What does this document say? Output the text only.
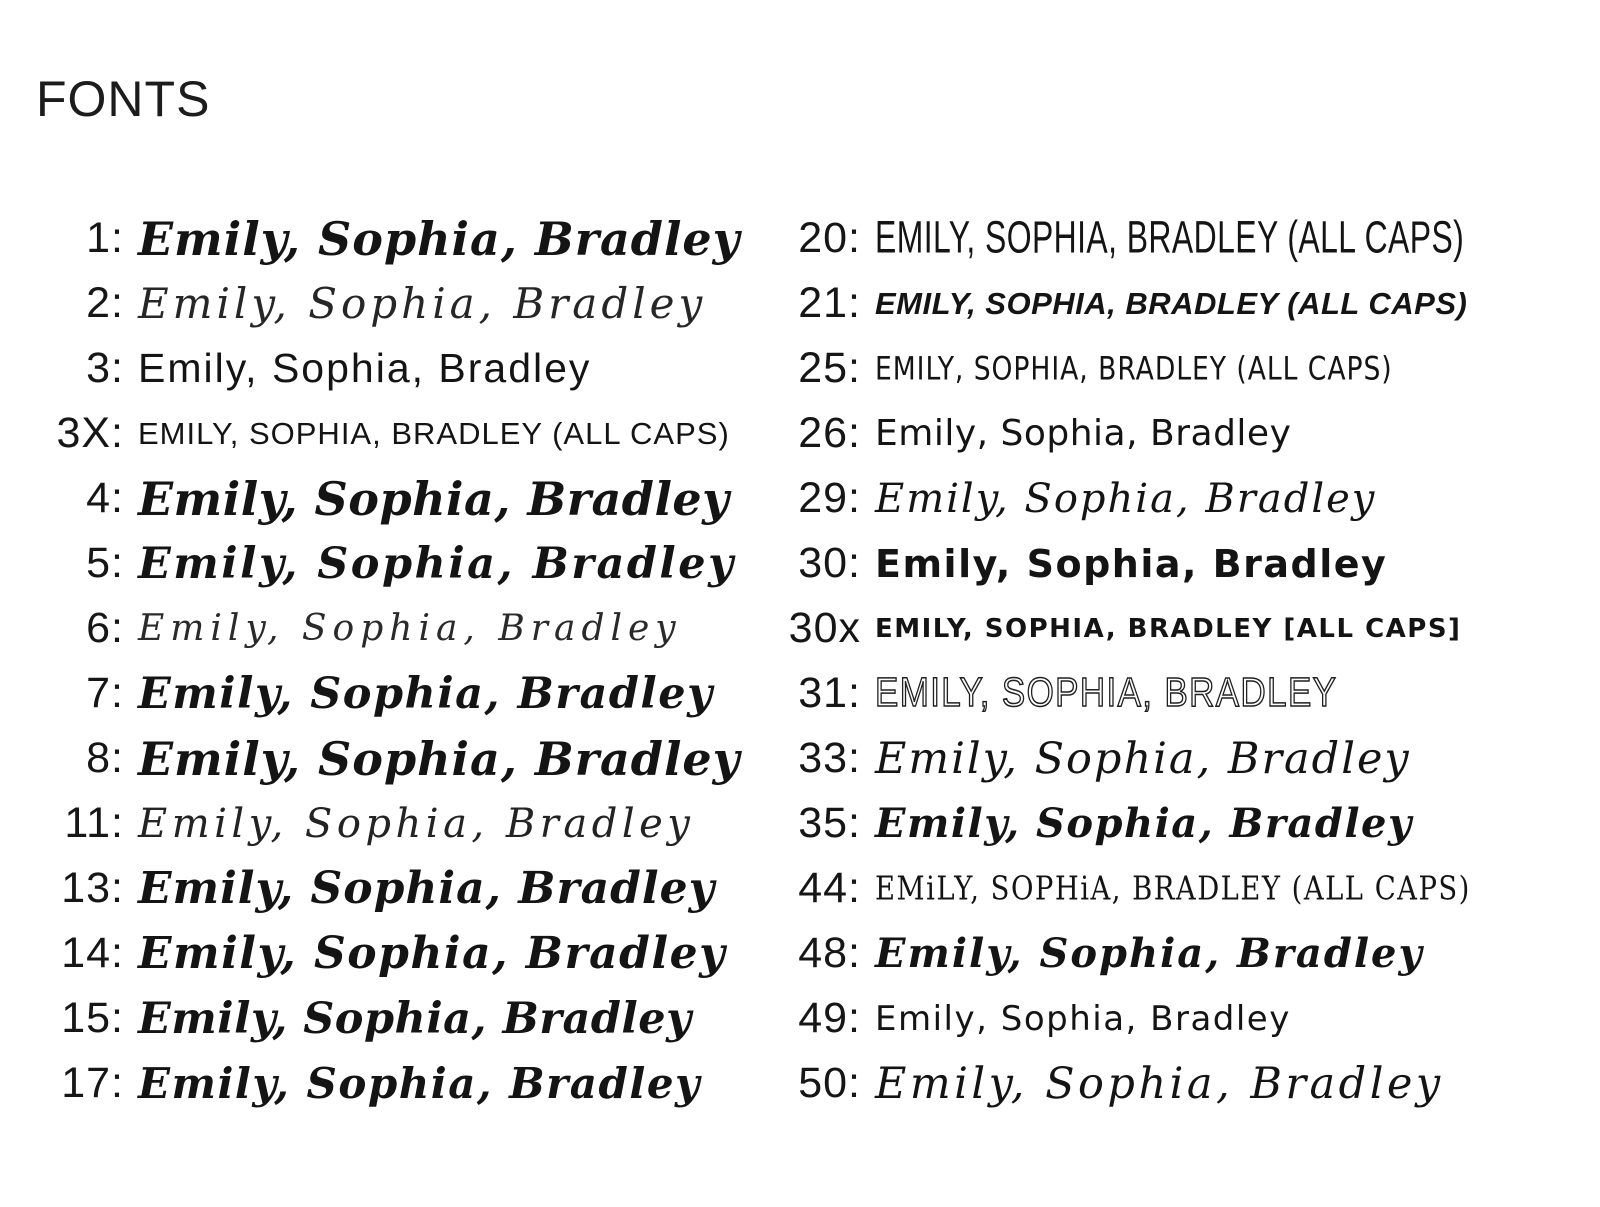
FONTS
1: Emily, Sophia, Bradley
2: Emily, Sophia, Bradley
3: Emily, Sophia, Bradley
3X: EMILY, SOPHIA, BRADLEY (ALL CAPS)
4: Emily, Sophia, Bradley
5: Emily, Sophia, Bradley
6: Emily, Sophia, Bradley
7: Emily, Sophia, Bradley
8: Emily, Sophia, Bradley
11: Emily, Sophia, Bradley
13: Emily, Sophia, Bradley
14: Emily, Sophia, Bradley
15: Emily, Sophia, Bradley
17: Emily, Sophia, Bradley
20: EMILY, SOPHIA, BRADLEY (ALL CAPS)
21: EMILY, SOPHIA, BRADLEY (ALL CAPS)
25: EMILY, SOPHIA, BRADLEY (ALL CAPS)
26: Emily, Sophia, Bradley
29: Emily, Sophia, Bradley
30: Emily, Sophia, Bradley
30x EMILY, SOPHIA, BRADLEY [ALL CAPS]
31: EMILY, SOPHIA, BRADLEY
33: Emily, Sophia, Bradley
35: Emily, Sophia, Bradley
44: EMiLY, SOPHiA, BRADLEY (ALL CAPS)
48: Emily, Sophia, Bradley
49: Emily, Sophia, Bradley
50: Emily, Sophia, Bradley
